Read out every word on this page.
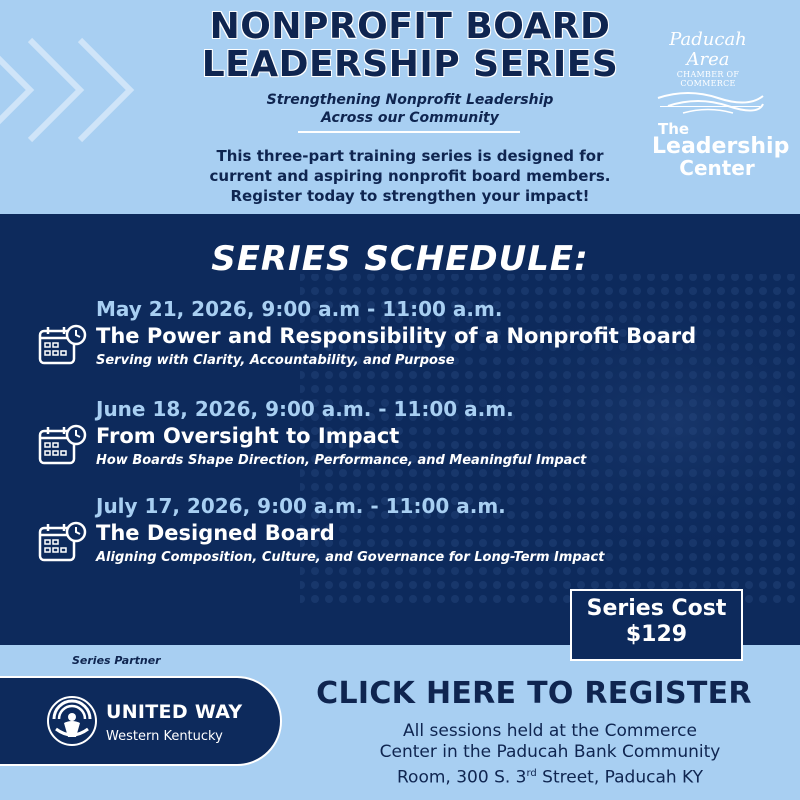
NONPROFIT BOARD
LEADERSHIP SERIES
Strengthening Nonprofit Leadership
Across our Community
This three-part training series is designed for
current and aspiring nonprofit board members.
Register today to strengthen your impact!
Paducah Area
CHAMBER OF COMMERCE
The
Leadership
Center
SERIES SCHEDULE:
May 21, 2026, 9:00 a.m - 11:00 a.m.
The Power and Responsibility of a Nonprofit Board
Serving with Clarity, Accountability, and Purpose
June 18, 2026, 9:00 a.m. - 11:00 a.m.
From Oversight to Impact
How Boards Shape Direction, Performance, and Meaningful Impact
July 17, 2026, 9:00 a.m. - 11:00 a.m.
The Designed Board
Aligning Composition, Culture, and Governance for Long-Term Impact
Series Cost
$129
Series Partner
UNITED WAY
Western Kentucky
CLICK HERE TO REGISTER
All sessions held at the Commerce
Center in the Paducah Bank Community
Room, 300 S. 3rd Street, Paducah KY
